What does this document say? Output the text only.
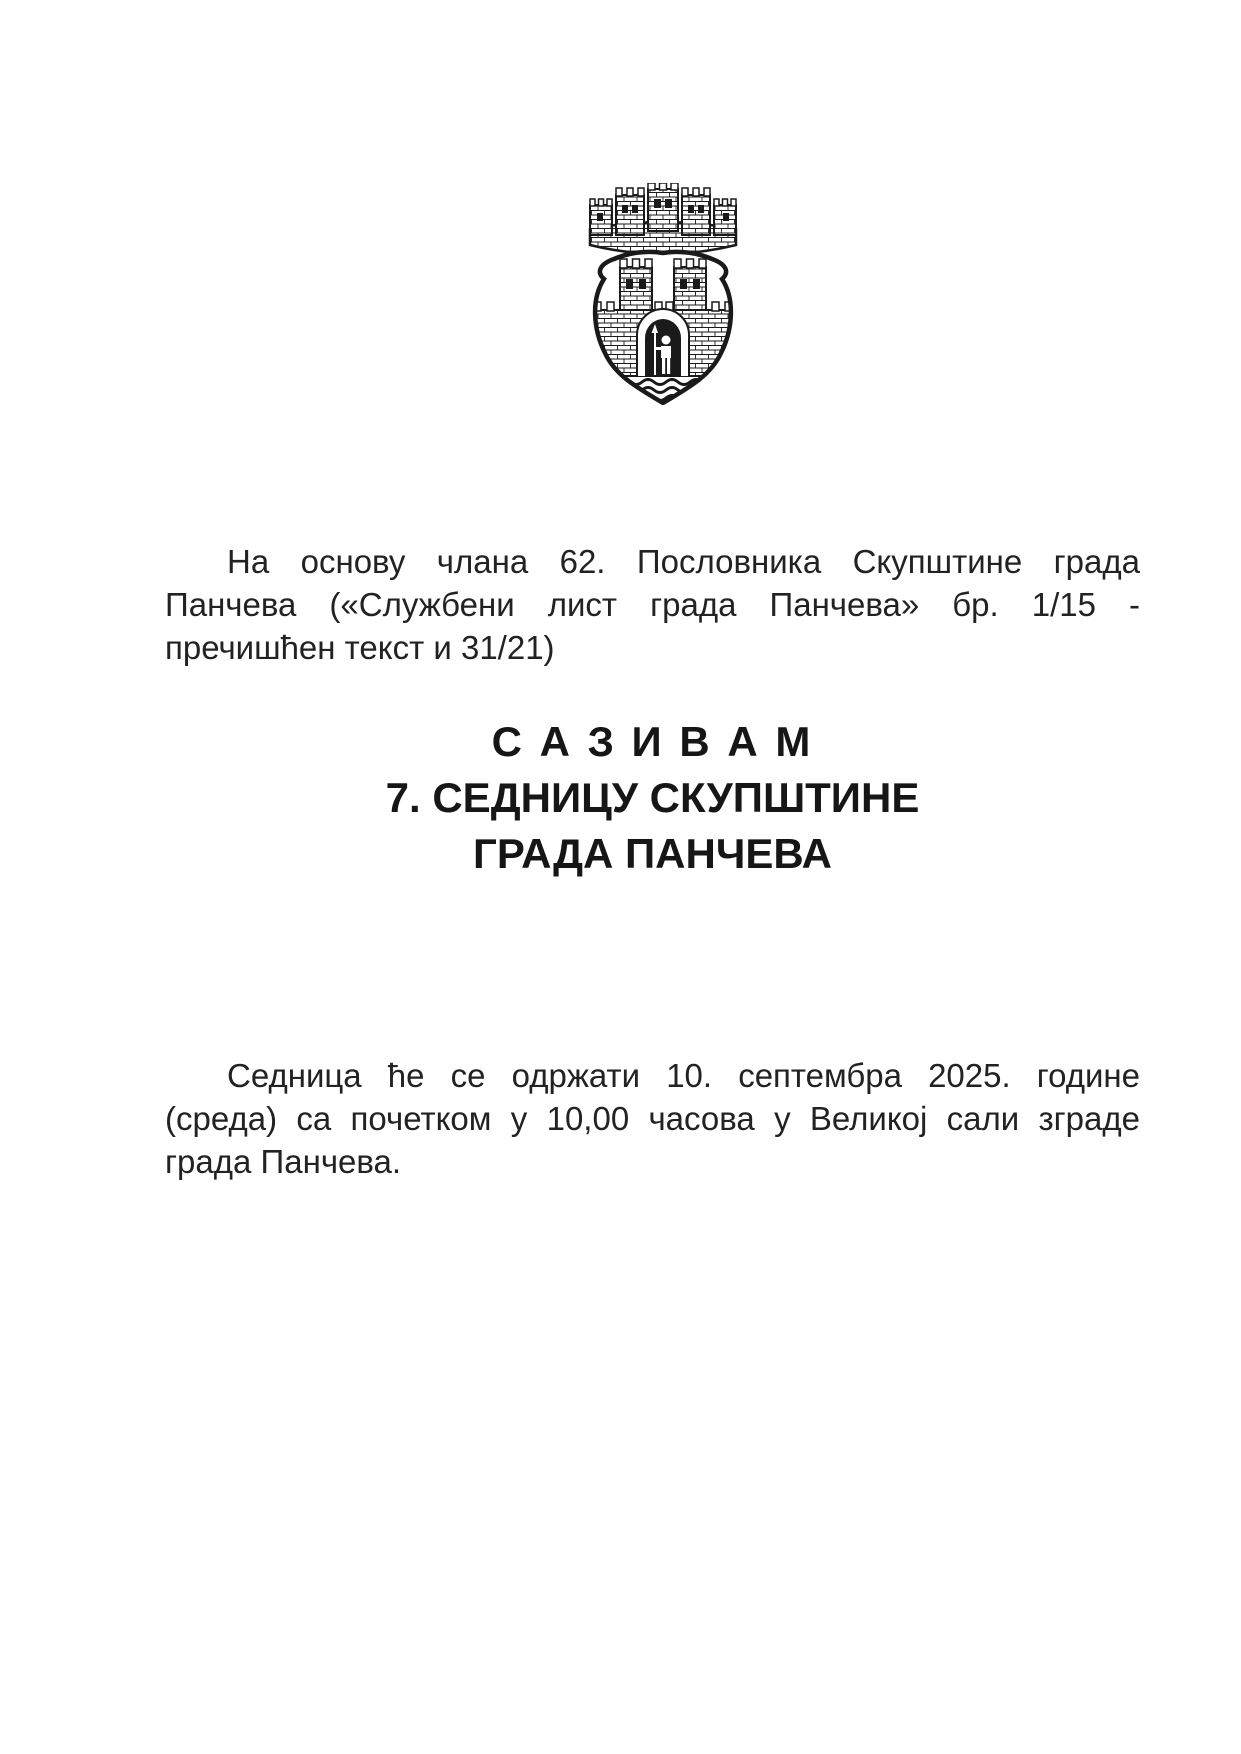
На основу члана 62. Пословника Скупштине града
Панчева («Службени лист града Панчева» бр. 1/15 -
пречишћен текст и 31/21)
С А З И В А М
7. СЕДНИЦУ СКУПШТИНЕ
ГРАДА ПАНЧЕВА
Седница ће се одржати 10. септембра 2025. године
(среда) са почетком у 10,00 часова у Великој сали зграде
града Панчева.
